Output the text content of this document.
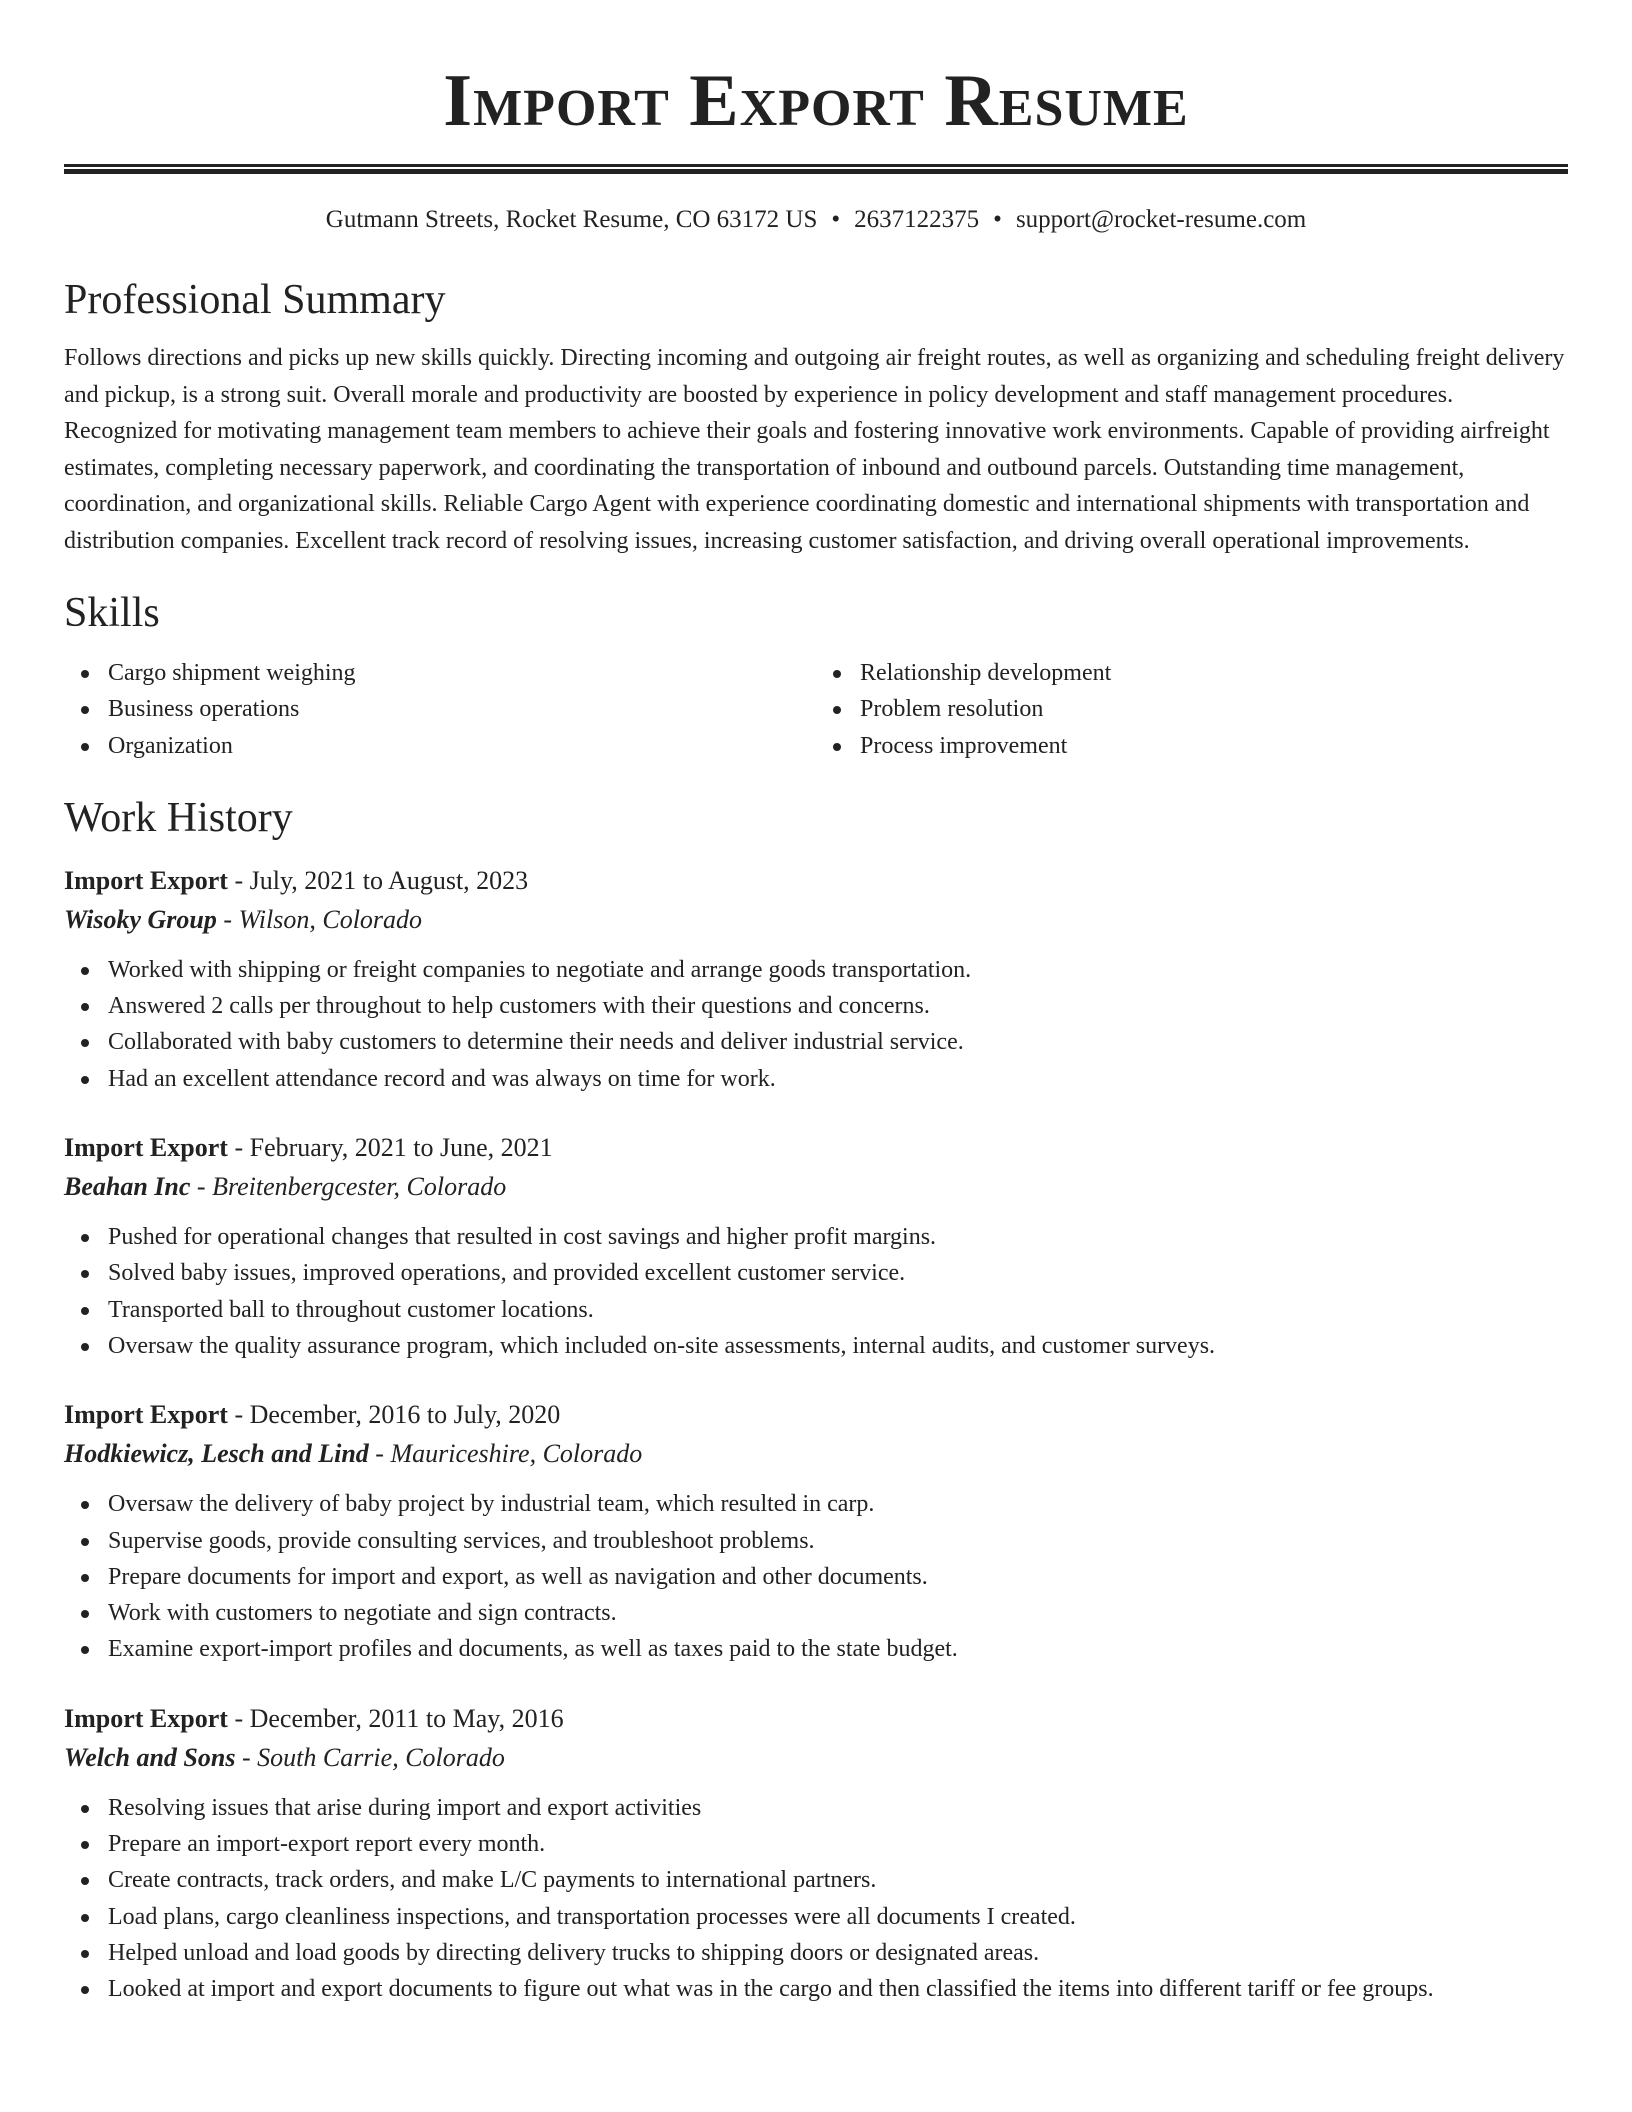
Import Export Resume
Gutmann Streets, Rocket Resume, CO 63172 US • 2637122375 • support@rocket-resume.com
Professional Summary

Follows directions and picks up new skills quickly. Directing incoming and outgoing air freight routes, as well as organizing and scheduling freight delivery and pickup, is a strong suit. Overall morale and productivity are boosted by experience in policy development and staff management procedures. Recognized for motivating management team members to achieve their goals and fostering innovative work environments. Capable of providing airfreight estimates, completing necessary paperwork, and coordinating the transportation of inbound and outbound parcels. Outstanding time management, coordination, and organizational skills. Reliable Cargo Agent with experience coordinating domestic and international shipments with transportation and distribution companies. Excellent track record of resolving issues, increasing customer satisfaction, and driving overall operational improvements.

Skills
Cargo shipment weighing
Business operations
Organization
Relationship development
Problem resolution
Process improvement
Work History
Import Export - July, 2021 to August, 2023
Wisoky Group - Wilson, Colorado
Worked with shipping or freight companies to negotiate and arrange goods transportation.
Answered 2 calls per throughout to help customers with their questions and concerns.
Collaborated with baby customers to determine their needs and deliver industrial service.
Had an excellent attendance record and was always on time for work.
Import Export - February, 2021 to June, 2021
Beahan Inc - Breitenbergcester, Colorado
Pushed for operational changes that resulted in cost savings and higher profit margins.
Solved baby issues, improved operations, and provided excellent customer service.
Transported ball to throughout customer locations.
Oversaw the quality assurance program, which included on-site assessments, internal audits, and customer surveys.
Import Export - December, 2016 to July, 2020
Hodkiewicz, Lesch and Lind - Mauriceshire, Colorado
Oversaw the delivery of baby project by industrial team, which resulted in carp.
Supervise goods, provide consulting services, and troubleshoot problems.
Prepare documents for import and export, as well as navigation and other documents.
Work with customers to negotiate and sign contracts.
Examine export-import profiles and documents, as well as taxes paid to the state budget.
Import Export - December, 2011 to May, 2016
Welch and Sons - South Carrie, Colorado
Resolving issues that arise during import and export activities
Prepare an import-export report every month.
Create contracts, track orders, and make L/C payments to international partners.
Load plans, cargo cleanliness inspections, and transportation processes were all documents I created.
Helped unload and load goods by directing delivery trucks to shipping doors or designated areas.
Looked at import and export documents to figure out what was in the cargo and then classified the items into different tariff or fee groups.
